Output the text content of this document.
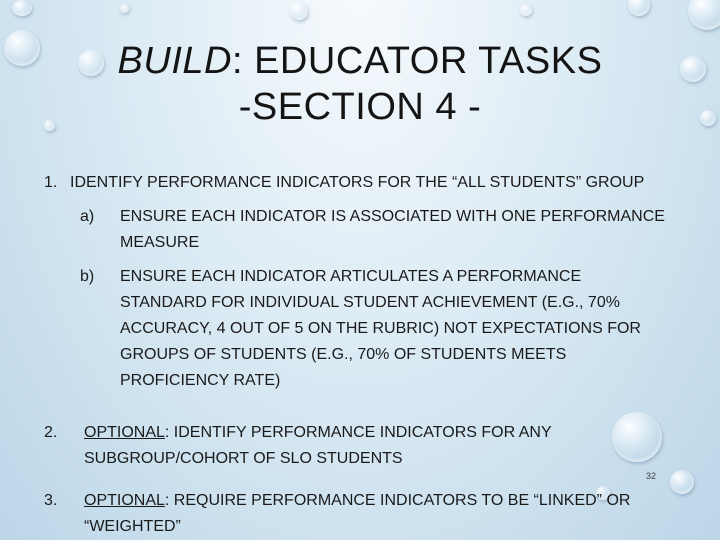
BUILD: EDUCATOR TASKS
-SECTION 4 -
1. IDENTIFY PERFORMANCE INDICATORS FOR THE “ALL STUDENTS” GROUP
a) ENSURE EACH INDICATOR IS ASSOCIATED WITH ONE PERFORMANCE
MEASURE
b) ENSURE EACH INDICATOR ARTICULATES A PERFORMANCE
STANDARD FOR INDIVIDUAL STUDENT ACHIEVEMENT (E.G., 70%
ACCURACY, 4 OUT OF 5 ON THE RUBRIC) NOT EXPECTATIONS FOR
GROUPS OF STUDENTS (E.G., 70% OF STUDENTS MEETS
PROFICIENCY RATE)
2. OPTIONAL: IDENTIFY PERFORMANCE INDICATORS FOR ANY
SUBGROUP/COHORT OF SLO STUDENTS
3. OPTIONAL: REQUIRE PERFORMANCE INDICATORS TO BE “LINKED” OR
“WEIGHTED”
32
